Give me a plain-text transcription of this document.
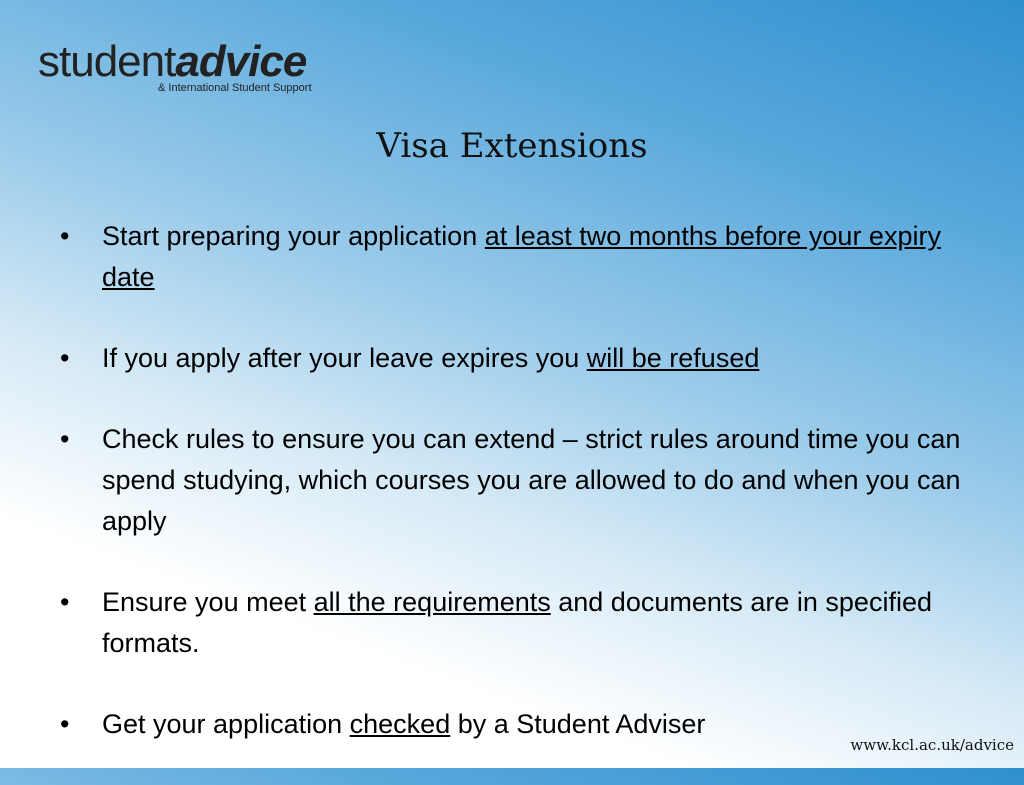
studentadvice
& International Student Support
Visa Extensions
• Start preparing your application at least two months before your expiry date
• If you apply after your leave expires you will be refused
• Check rules to ensure you can extend – strict rules around time you can spend studying, which courses you are allowed to do and when you can apply
• Ensure you meet all the requirements and documents are in specified formats.
• Get your application checked by a Student Adviser
www.kcl.ac.uk/advice
